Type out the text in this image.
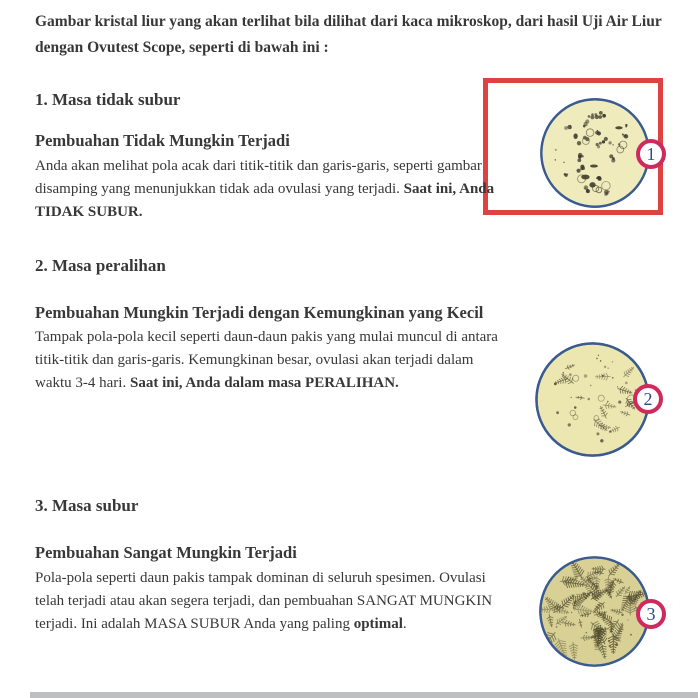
Gambar kristal liur yang akan terlihat bila dilihat dari kaca mikroskop, dari hasil Uji Air Liur dengan Ovutest Scope, seperti di bawah ini :

1. Masa tidak subur
1
Pembuahan Tidak Mungkin Terjadi

Anda akan melihat pola acak dari titik-titik dan garis-garis, seperti gambar disamping yang menunjukkan tidak ada ovulasi yang terjadi. Saat ini, Anda TIDAK SUBUR.

2. Masa peralihan
2
Pembuahan Mungkin Terjadi dengan Kemungkinan yang Kecil

Tampak pola-pola kecil seperti daun-daun pakis yang mulai muncul di antara titik-titik dan garis-garis. Kemungkinan besar, ovulasi akan terjadi dalam waktu 3-4 hari. Saat ini, Anda dalam masa PERALIHAN.

3. Masa subur
3
Pembuahan Sangat Mungkin Terjadi

Pola-pola seperti daun pakis tampak dominan di seluruh spesimen. Ovulasi telah terjadi atau akan segera terjadi, dan pembuahan SANGAT MUNGKIN terjadi. Ini adalah MASA SUBUR Anda yang paling optimal.
